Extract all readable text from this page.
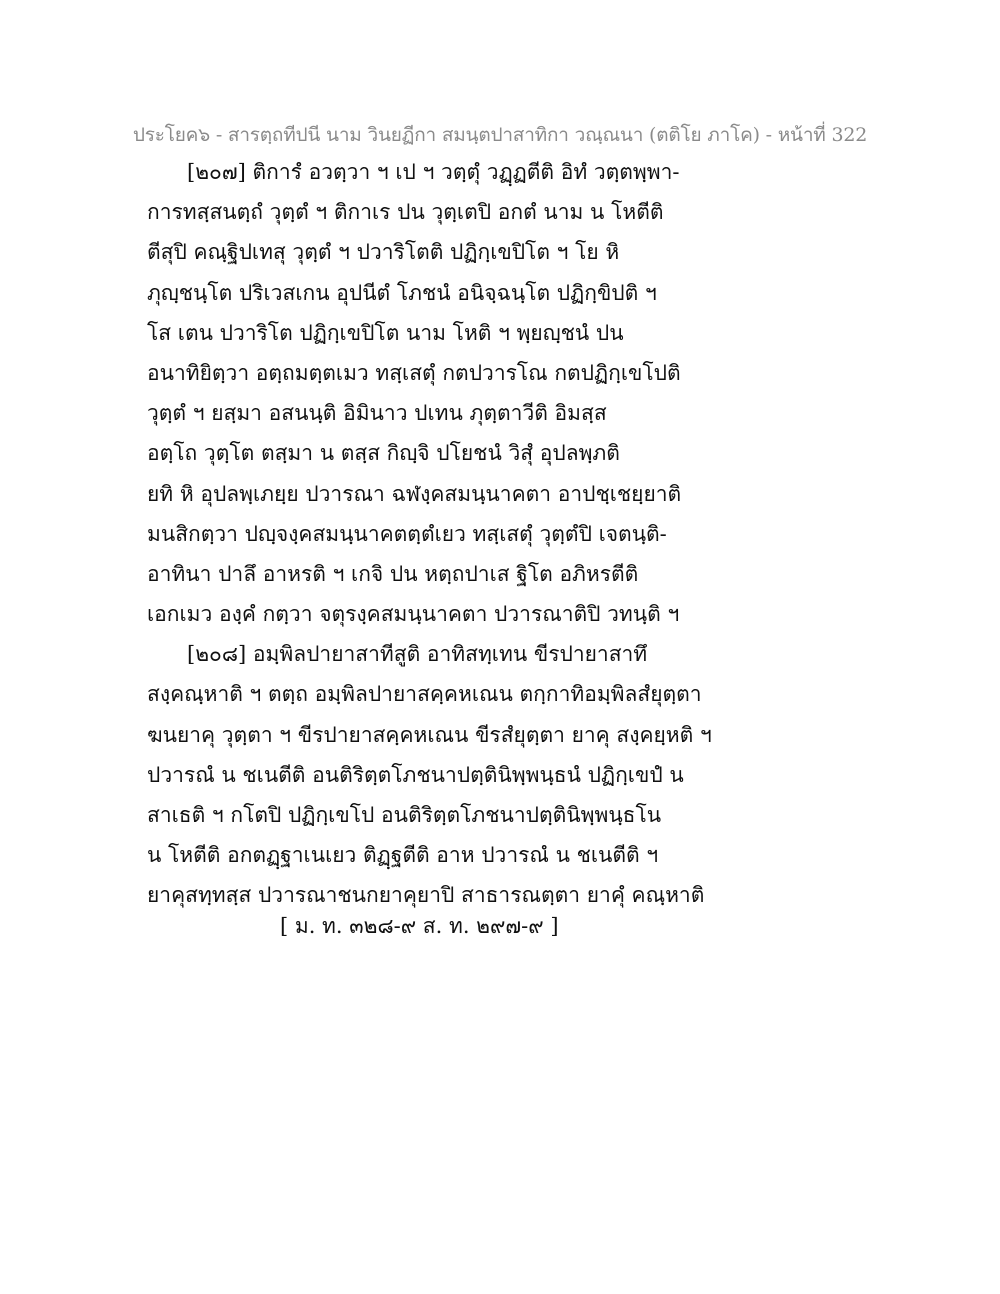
ประโยค๖ - สารตฺถทีปนี นาม วินยฏีกา สมนฺตปาสาทิกา วณฺณนา (ตติโย ภาโค) - หน้าที่ 322
[๒๐๗] ติการํ อวตฺวา ฯ เป ฯ วตฺตุํ วฏฺฏตีติ อิทํ วตฺตพฺพา-
การทสฺสนตฺถํ วุตฺตํ ฯ ติกาเร ปน วุตฺเตปิ อกตํ นาม น โหตีติ
ตีสุปิ คณฺฐิปเทสุ วุตฺตํ ฯ ปวาริโตติ ปฏิกฺเขปิโต ฯ โย หิ
ภุญฺชนฺโต ปริเวสเกน อุปนีตํ โภชนํ อนิจฺฉนฺโต ปฏิกฺขิปติ ฯ
โส เตน ปวาริโต ปฏิกฺเขปิโต นาม โหติ ฯ พฺยญฺชนํ ปน
อนาทิยิตฺวา อตฺถมตฺตเมว ทสฺเสตุํ กตปวารโณ กตปฏิกฺเขโปติ
วุตฺตํ ฯ ยสฺมา อสนนฺติ อิมินาว ปเทน ภุตฺตาวีติ อิมสฺส
อตฺโถ วุตฺโต ตสฺมา น ตสฺส กิญฺจิ ปโยชนํ วิสุํ อุปลพฺภติ
ยทิ หิ อุปลพฺเภยฺย ปวารณา ฉฬงฺคสมนฺนาคตา อาปชฺเชยฺยาติ
มนสิกตฺวา ปญฺจงฺคสมนฺนาคตตฺตํเยว ทสฺเสตุํ วุตฺตํปิ เจตนฺติ-
อาทินา ปาลึ อาหรติ ฯ เกจิ ปน หตฺถปาเส ฐิโต อภิหรตีติ
เอกเมว องฺคํ กตฺวา จตุรงฺคสมนฺนาคตา ปวารณาติปิ วทนฺติ ฯ
[๒๐๘] อมฺพิลปายาสาทีสูติ อาทิสทฺเทน ขีรปายาสาทึ
สงฺคณฺหาติ ฯ ตตฺถ อมฺพิลปายาสคฺคหเณน ตกฺกาทิอมฺพิลสํยุตฺตา
ฆนยาคุ วุตฺตา ฯ ขีรปายาสคฺคหเณน ขีรสํยุตฺตา ยาคุ สงฺคยฺหติ ฯ
ปวารณํ น ชเนตีติ อนติริตฺตโภชนาปตฺตินิพฺพนฺธนํ ปฏิกฺเขปํ น
สาเธติ ฯ กโตปิ ปฏิกฺเขโป อนติริตฺตโภชนาปตฺตินิพฺพนฺธโน
น โหตีติ อกตฏฺฐาเนเยว ติฏฺฐตีติ อาห ปวารณํ น ชเนตีติ ฯ
ยาคุสทฺทสฺส ปวารณาชนกยาคุยาปิ สาธารณตฺตา ยาคุํ คณฺหาติ
[ ม. ท. ๓๒๘-๙ ส. ท. ๒๙๗-๙ ]
